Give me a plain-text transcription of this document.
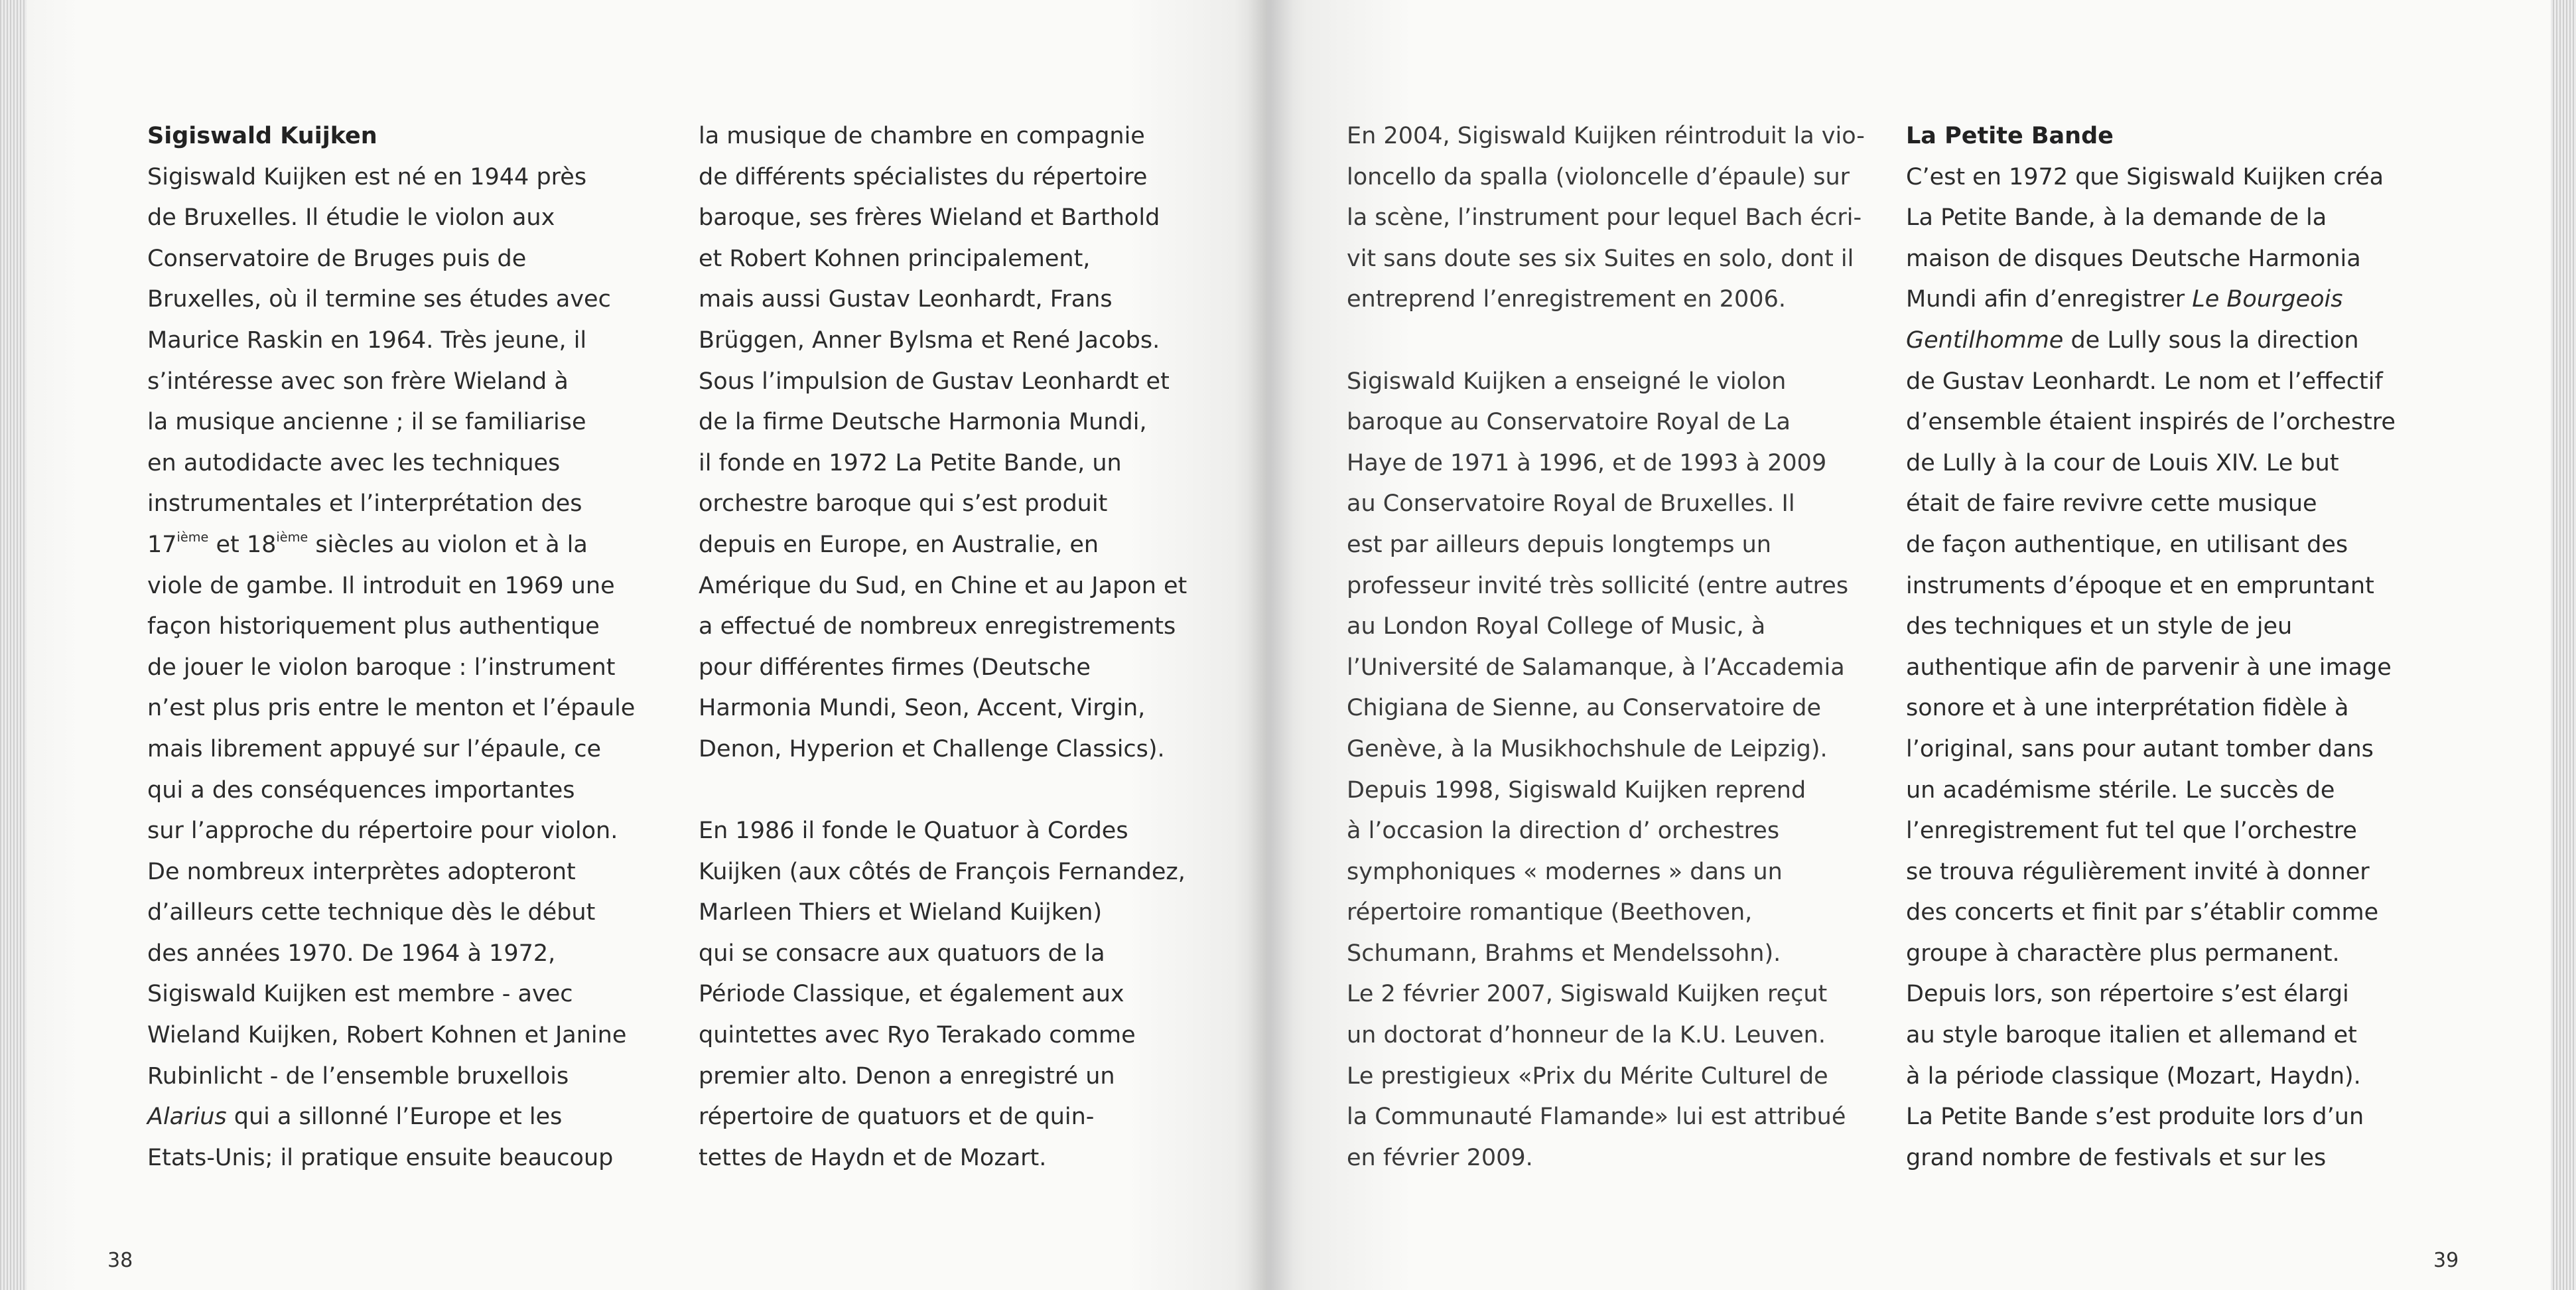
Sigiswald Kuijken
Sigiswald Kuijken est né en 1944 près
de Bruxelles. Il étudie le violon aux
Conservatoire de Bruges puis de
Bruxelles, où il termine ses études avec
Maurice Raskin en 1964. Très jeune, il
s’intéresse avec son frère Wieland à
la musique ancienne ; il se familiarise
en autodidacte avec les techniques
instrumentales et l’interprétation des
17ième et 18ième siècles au violon et à la
viole de gambe. Il introduit en 1969 une
façon historiquement plus authentique
de jouer le violon baroque : l’instrument
n’est plus pris entre le menton et l’épaule
mais librement appuyé sur l’épaule, ce
qui a des conséquences importantes
sur l’approche du répertoire pour violon.
De nombreux interprètes adopteront
d’ailleurs cette technique dès le début
des années 1970. De 1964 à 1972,
Sigiswald Kuijken est membre - avec
Wieland Kuijken, Robert Kohnen et Janine
Rubinlicht - de l’ensemble bruxellois
Alarius qui a sillonné l’Europe et les
Etats-Unis; il pratique ensuite beaucoup
la musique de chambre en compagnie
de différents spécialistes du répertoire
baroque, ses frères Wieland et Barthold
et Robert Kohnen principalement,
mais aussi Gustav Leonhardt, Frans
Brüggen, Anner Bylsma et René Jacobs.
Sous l’impulsion de Gustav Leonhardt et
de la firme Deutsche Harmonia Mundi,
il fonde en 1972 La Petite Bande, un
orchestre baroque qui s’est produit
depuis en Europe, en Australie, en
Amérique du Sud, en Chine et au Japon et
a effectué de nombreux enregistrements
pour différentes firmes (Deutsche
Harmonia Mundi, Seon, Accent, Virgin,
Denon, Hyperion et Challenge Classics).
En 1986 il fonde le Quatuor à Cordes
Kuijken (aux côtés de François Fernandez,
Marleen Thiers et Wieland Kuijken)
qui se consacre aux quatuors de la
Période Classique, et également aux
quintettes avec Ryo Terakado comme
premier alto. Denon a enregistré un
répertoire de quatuors et de quin-
tettes de Haydn et de Mozart.
En 2004, Sigiswald Kuijken réintroduit la vio-
loncello da spalla (violoncelle d’épaule) sur
la scène, l’instrument pour lequel Bach écri-
vit sans doute ses six Suites en solo, dont il
entreprend l’enregistrement en 2006.
Sigiswald Kuijken a enseigné le violon
baroque au Conservatoire Royal de La
Haye de 1971 à 1996, et de 1993 à 2009
au Conservatoire Royal de Bruxelles. Il
est par ailleurs depuis longtemps un
professeur invité très sollicité (entre autres
au London Royal College of Music, à
l’Université de Salamanque, à l’Accademia
Chigiana de Sienne, au Conservatoire de
Genève, à la Musikhochshule de Leipzig).
Depuis 1998, Sigiswald Kuijken reprend
à l’occasion la direction d’ orchestres
symphoniques « modernes » dans un
répertoire romantique (Beethoven,
Schumann, Brahms et Mendelssohn).
Le 2 février 2007, Sigiswald Kuijken reçut
un doctorat d’honneur de la K.U. Leuven.
Le prestigieux «Prix du Mérite Culturel de
la Communauté Flamande» lui est attribué
en février 2009.
La Petite Bande
C’est en 1972 que Sigiswald Kuijken créa
La Petite Bande, à la demande de la
maison de disques Deutsche Harmonia
Mundi afin d’enregistrer Le Bourgeois
Gentilhomme de Lully sous la direction
de Gustav Leonhardt. Le nom et l’effectif
d’ensemble étaient inspirés de l’orchestre
de Lully à la cour de Louis XIV. Le but
était de faire revivre cette musique
de façon authentique, en utilisant des
instruments d’époque et en empruntant
des techniques et un style de jeu
authentique afin de parvenir à une image
sonore et à une interprétation fidèle à
l’original, sans pour autant tomber dans
un académisme stérile. Le succès de
l’enregistrement fut tel que l’orchestre
se trouva régulièrement invité à donner
des concerts et finit par s’établir comme
groupe à charactère plus permanent.
Depuis lors, son répertoire s’est élargi
au style baroque italien et allemand et
à la période classique (Mozart, Haydn).
La Petite Bande s’est produite lors d’un
grand nombre de festivals et sur les
38	39
